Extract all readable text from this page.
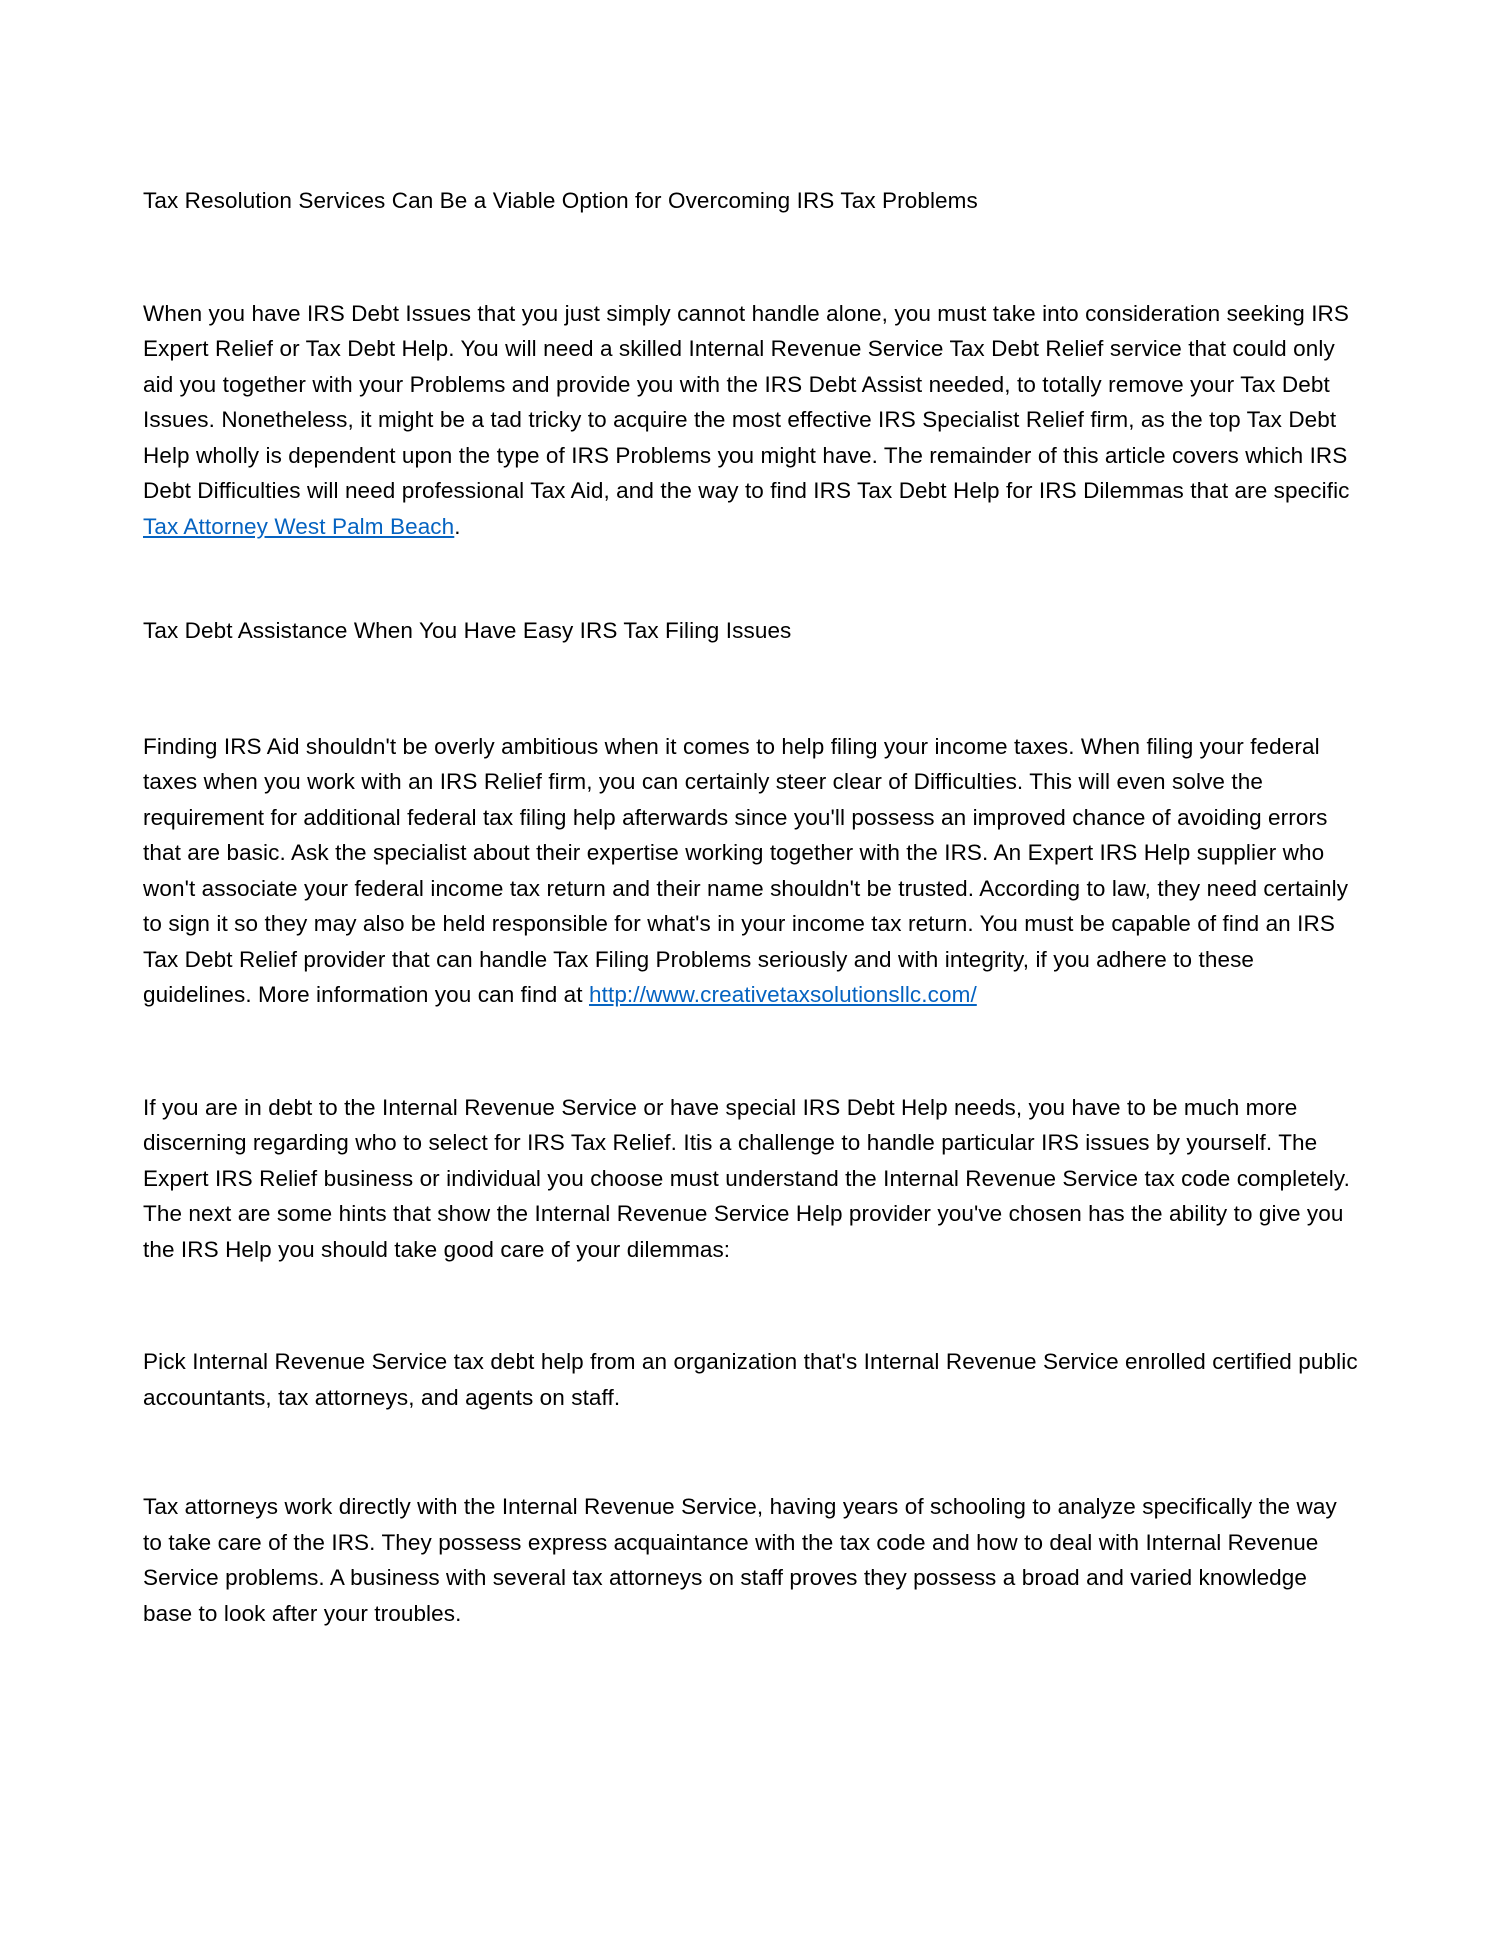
Tax Resolution Services Can Be a Viable Option for Overcoming IRS Tax Problems

When you have IRS Debt Issues that you just simply cannot handle alone, you must take into consideration seeking IRS Expert Relief or Tax Debt Help. You will need a skilled Internal Revenue Service Tax Debt Relief service that could only aid you together with your Problems and provide you with the IRS Debt Assist needed, to totally remove your Tax Debt Issues. Nonetheless, it might be a tad tricky to acquire the most effective IRS Specialist Relief firm, as the top Tax Debt Help wholly is dependent upon the type of IRS Problems you might have. The remainder of this article covers which IRS Debt Difficulties will need professional Tax Aid, and the way to find IRS Tax Debt Help for IRS Dilemmas that are specific Tax Attorney West Palm Beach.

Tax Debt Assistance When You Have Easy IRS Tax Filing Issues

Finding IRS Aid shouldn't be overly ambitious when it comes to help filing your income taxes. When filing your federal taxes when you work with an IRS Relief firm, you can certainly steer clear of Difficulties. This will even solve the requirement for additional federal tax filing help afterwards since you'll possess an improved chance of avoiding errors that are basic. Ask the specialist about their expertise working together with the IRS. An Expert IRS Help supplier who won't associate your federal income tax return and their name shouldn't be trusted. According to law, they need certainly to sign it so they may also be held responsible for what's in your income tax return. You must be capable of find an IRS Tax Debt Relief provider that can handle Tax Filing Problems seriously and with integrity, if you adhere to these guidelines. More information you can find at http://www.creativetaxsolutionsllc.com/

If you are in debt to the Internal Revenue Service or have special IRS Debt Help needs, you have to be much more discerning regarding who to select for IRS Tax Relief. Itis a challenge to handle particular IRS issues by yourself. The Expert IRS Relief business or individual you choose must understand the Internal Revenue Service tax code completely. The next are some hints that show the Internal Revenue Service Help provider you've chosen has the ability to give you the IRS Help you should take good care of your dilemmas:

Pick Internal Revenue Service tax debt help from an organization that's Internal Revenue Service enrolled certified public accountants, tax attorneys, and agents on staff.

Tax attorneys work directly with the Internal Revenue Service, having years of schooling to analyze specifically the way to take care of the IRS. They possess express acquaintance with the tax code and how to deal with Internal Revenue Service problems. A business with several tax attorneys on staff proves they possess a broad and varied knowledge base to look after your troubles.
